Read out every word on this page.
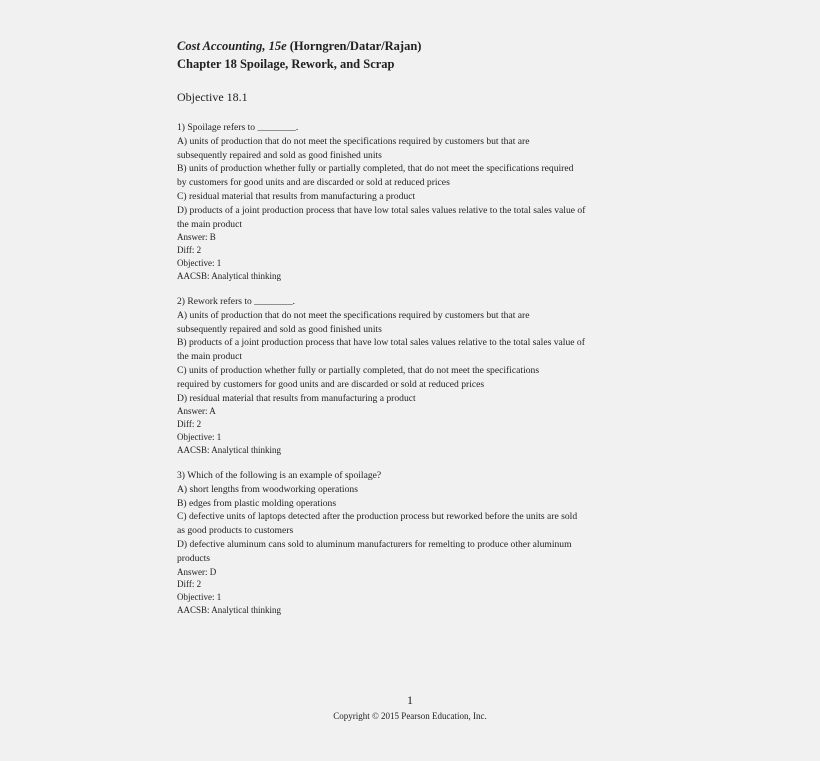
Cost Accounting, 15e (Horngren/Datar/Rajan)
Chapter 18 Spoilage, Rework, and Scrap
Objective 18.1
1) Spoilage refers to ________.
A) units of production that do not meet the specifications required by customers but that are
subsequently repaired and sold as good finished units
B) units of production whether fully or partially completed, that do not meet the specifications required
by customers for good units and are discarded or sold at reduced prices
C) residual material that results from manufacturing a product
D) products of a joint production process that have low total sales values relative to the total sales value of
the main product
Answer: B
Diff: 2
Objective: 1
AACSB: Analytical thinking
2) Rework refers to ________.
A) units of production that do not meet the specifications required by customers but that are
subsequently repaired and sold as good finished units
B) products of a joint production process that have low total sales values relative to the total sales value of
the main product
C) units of production whether fully or partially completed, that do not meet the specifications
required by customers for good units and are discarded or sold at reduced prices
D) residual material that results from manufacturing a product
Answer: A
Diff: 2
Objective: 1
AACSB: Analytical thinking
3) Which of the following is an example of spoilage?
A) short lengths from woodworking operations
B) edges from plastic molding operations
C) defective units of laptops detected after the production process but reworked before the units are sold
as good products to customers
D) defective aluminum cans sold to aluminum manufacturers for remelting to produce other aluminum
products
Answer: D
Diff: 2
Objective: 1
AACSB: Analytical thinking
1
Copyright © 2015 Pearson Education, Inc.
